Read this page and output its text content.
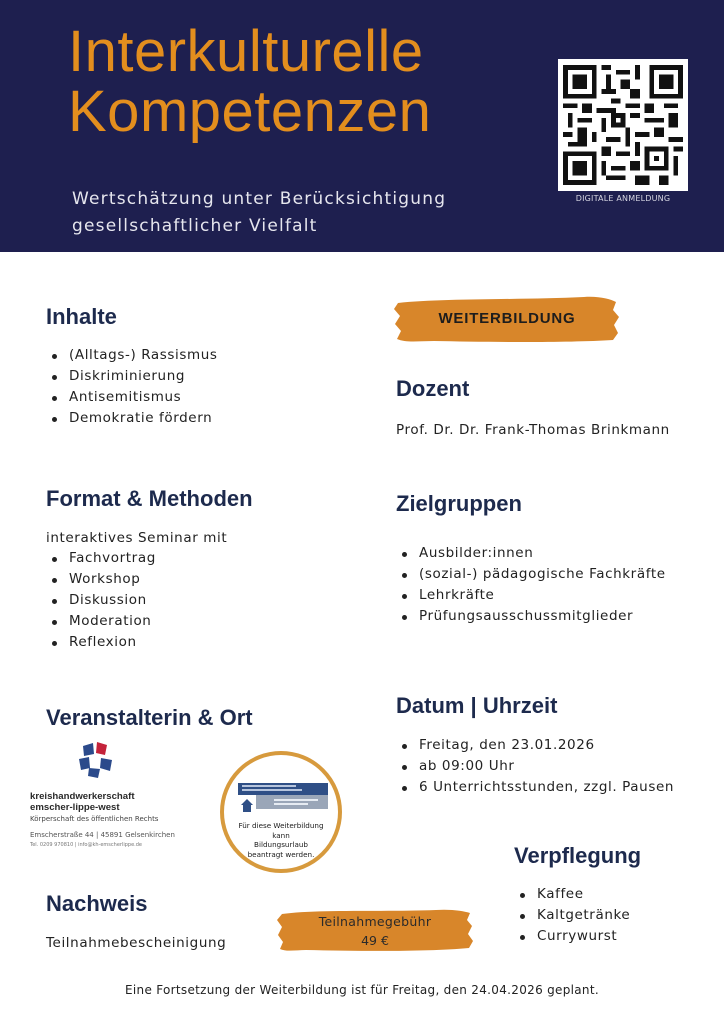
Interkulturelle
Kompetenzen
Wertschätzung unter Berücksichtigung
gesellschaftlicher Vielfalt
DIGITALE ANMELDUNG
Inhalte
(Alltags-) Rassismus
Diskriminierung
Antisemitismus
Demokratie fördern
Format & Methoden
interaktives Seminar mit
Fachvortrag
Workshop
Diskussion
Moderation
Reflexion
Veranstalterin & Ort
kreishandwerkerschaft
emscher-lippe-west
Körperschaft des öffentlichen Rechts
Emscherstraße 44 | 45891 Gelsenkirchen
Tel. 0209 970810 | info@kh-emscherlippe.de
Für diese Weiterbildung
kann
Bildungsurlaub
beantragt werden.
Nachweis
Teilnahmebescheinigung
Teilnahmegebühr
49 €
WEITERBILDUNG
Dozent
Prof. Dr. Dr. Frank-Thomas Brinkmann
Zielgruppen
Ausbilder:innen
(sozial-) pädagogische Fachkräfte
Lehrkräfte
Prüfungsausschussmitglieder
Datum | Uhrzeit
Freitag, den 23.01.2026
ab 09:00 Uhr
6 Unterrichtsstunden, zzgl. Pausen
Verpflegung
Kaffee
Kaltgetränke
Currywurst
Eine Fortsetzung der Weiterbildung ist für Freitag, den 24.04.2026 geplant.
